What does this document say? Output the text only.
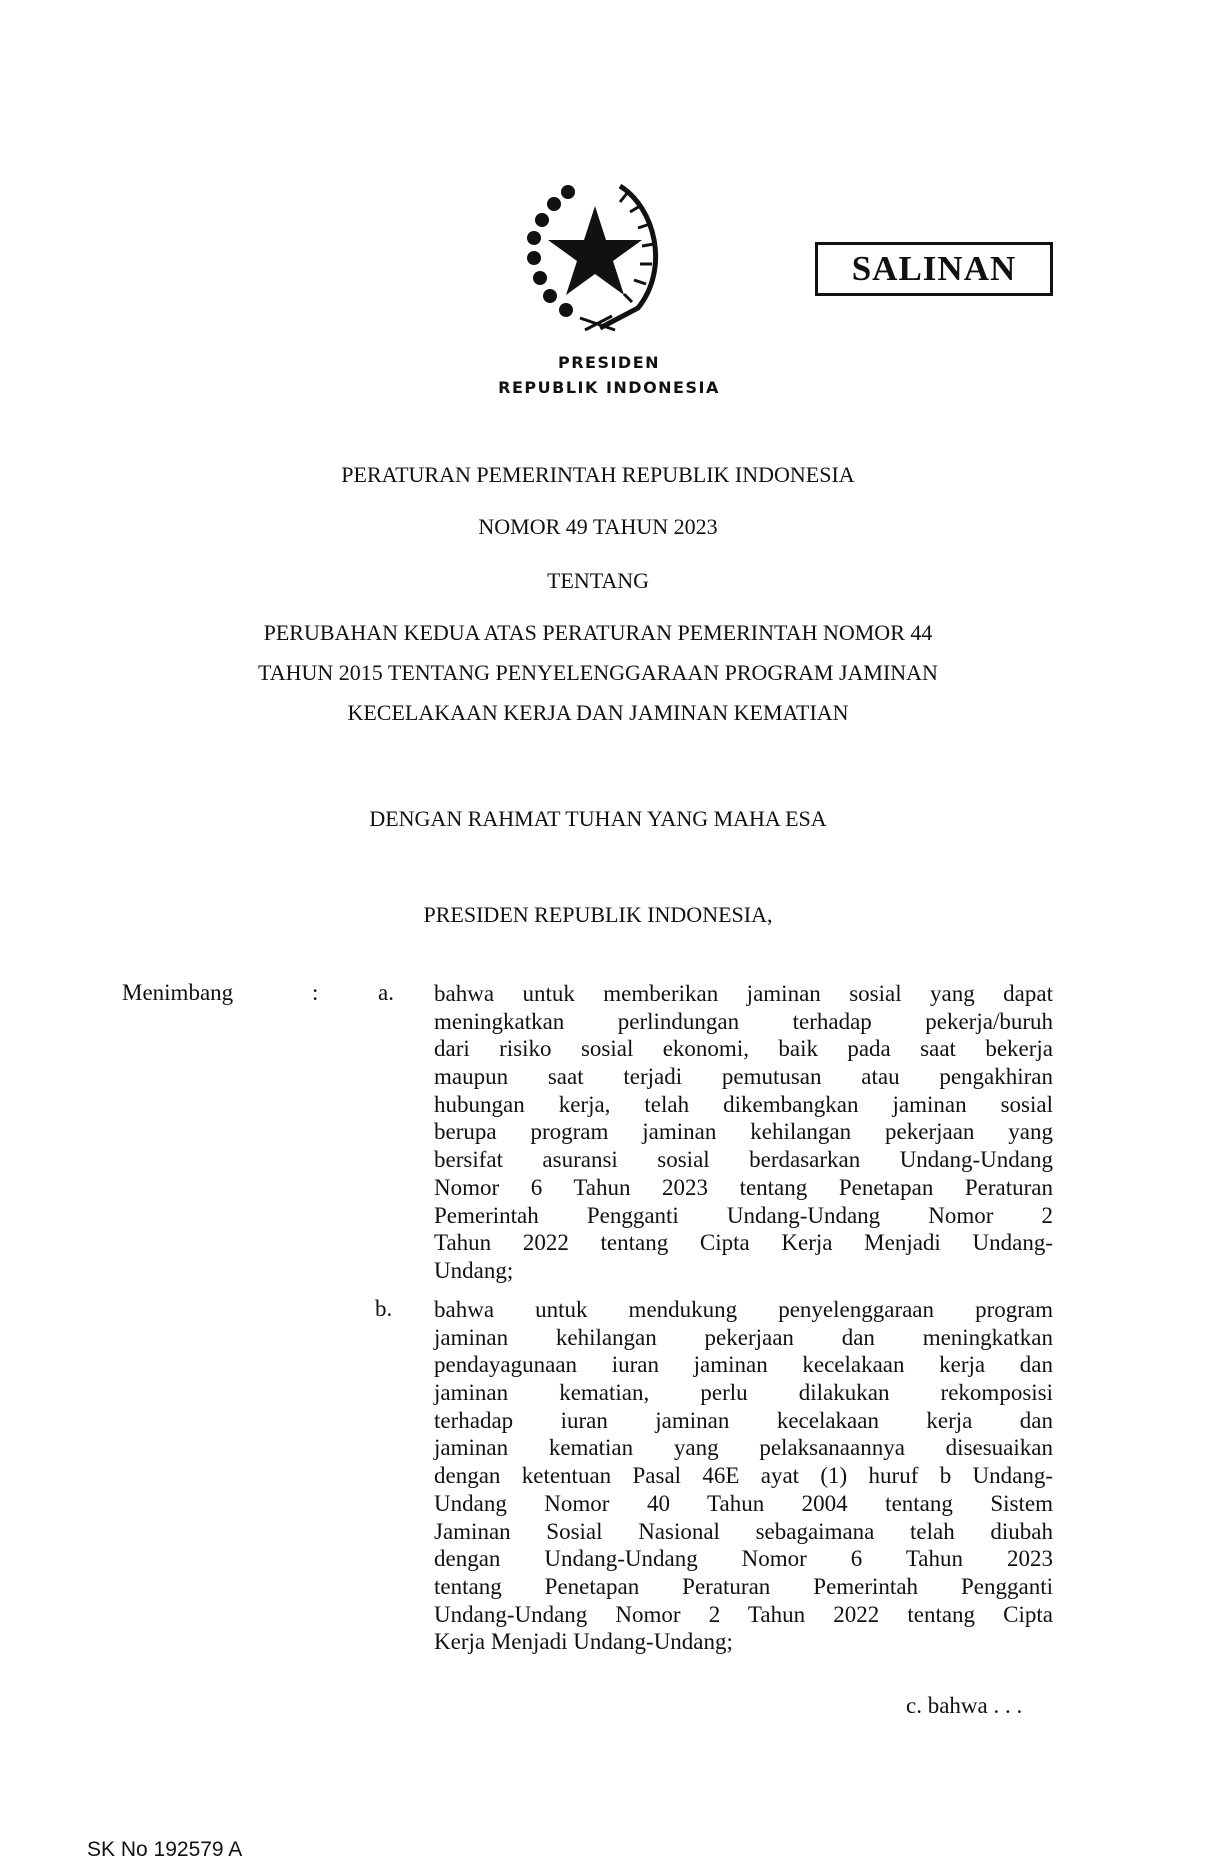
SALINAN
PRESIDEN
REPUBLIK INDONESIA
PERATURAN PEMERINTAH REPUBLIK INDONESIA
NOMOR 49 TAHUN 2023
TENTANG
PERUBAHAN KEDUA ATAS PERATURAN PEMERINTAH NOMOR 44
TAHUN 2015 TENTANG PENYELENGGARAAN PROGRAM JAMINAN
KECELAKAAN KERJA DAN JAMINAN KEMATIAN
DENGAN RAHMAT TUHAN YANG MAHA ESA
PRESIDEN REPUBLIK INDONESIA,
Menimbang	:	a. bahwa untuk memberikan jaminan sosial yang dapat
meningkatkan perlindungan terhadap pekerja/buruh
dari risiko sosial ekonomi, baik pada saat bekerja
maupun saat terjadi pemutusan atau pengakhiran
hubungan kerja, telah dikembangkan jaminan sosial
berupa program jaminan kehilangan pekerjaan yang
bersifat asuransi sosial berdasarkan Undang-Undang
Nomor 6 Tahun 2023 tentang Penetapan Peraturan
Pemerintah Pengganti Undang-Undang Nomor 2
Tahun 2022 tentang Cipta Kerja Menjadi Undang-
Undang;
b. bahwa untuk mendukung penyelenggaraan program
jaminan kehilangan pekerjaan dan meningkatkan
pendayagunaan iuran jaminan kecelakaan kerja dan
jaminan kematian, perlu dilakukan rekomposisi
terhadap iuran jaminan kecelakaan kerja dan
jaminan kematian yang pelaksanaannya disesuaikan
dengan ketentuan Pasal 46E ayat (1) huruf b Undang-
Undang Nomor 40 Tahun 2004 tentang Sistem
Jaminan Sosial Nasional sebagaimana telah diubah
dengan Undang-Undang Nomor 6 Tahun 2023
tentang Penetapan Peraturan Pemerintah Pengganti
Undang-Undang Nomor 2 Tahun 2022 tentang Cipta
Kerja Menjadi Undang-Undang;
c. bahwa . . .
SK No 192579 A
